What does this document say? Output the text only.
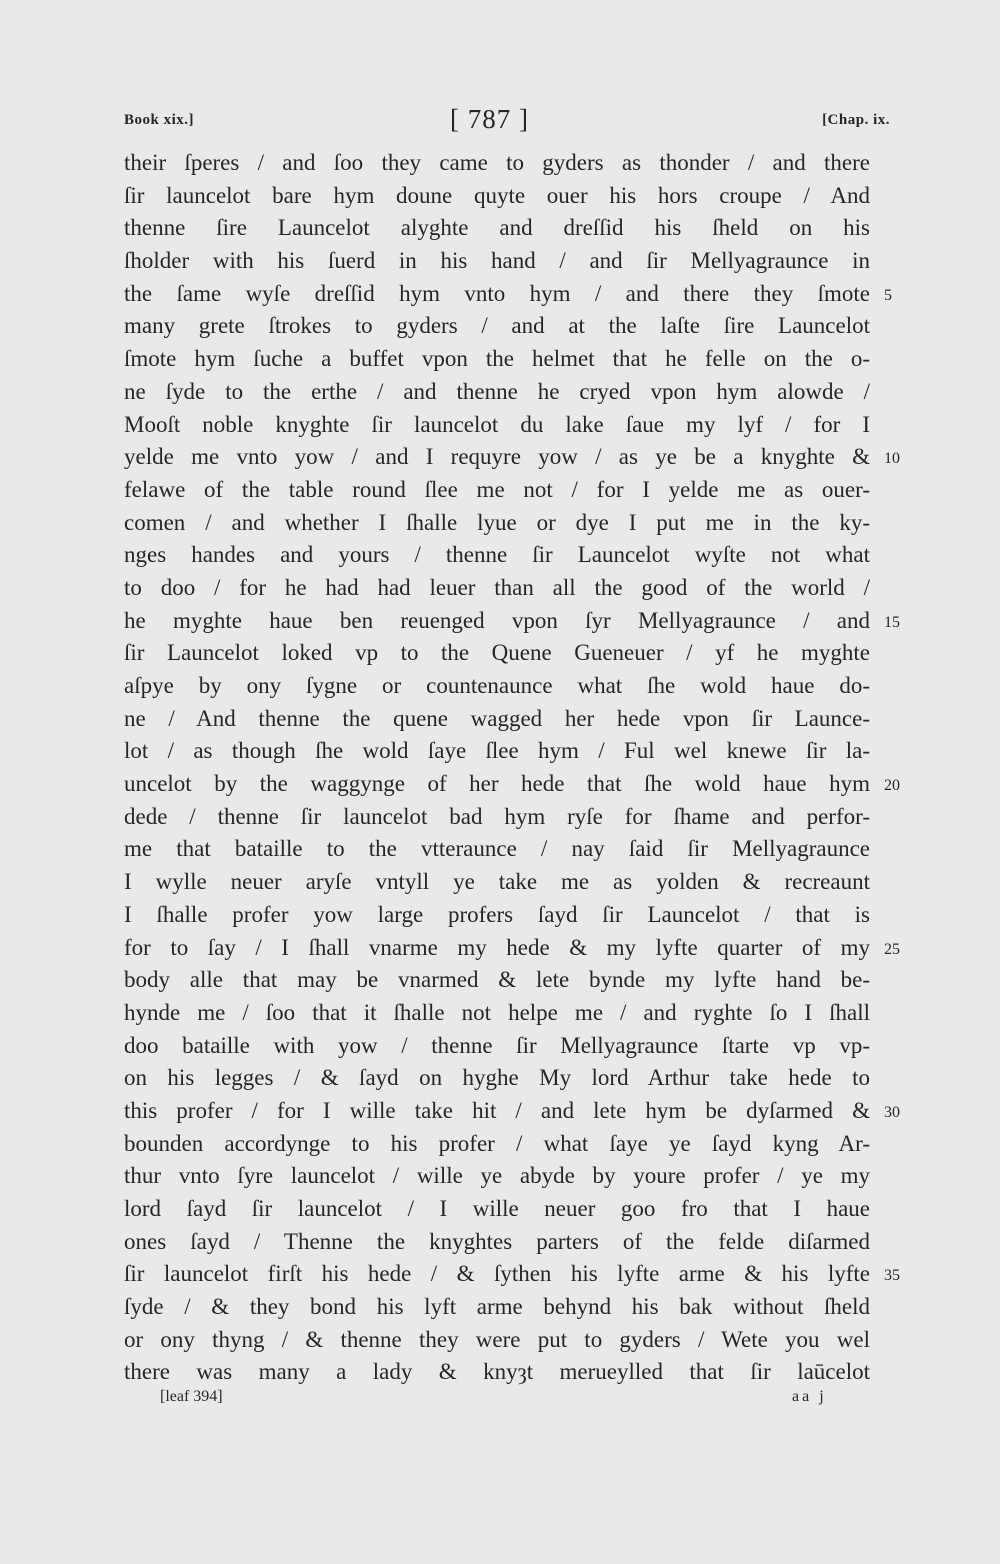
Book xix.]	[ 787 ]	[Chap. ix.
their ſperes / and ſoo they came to gyders as thonder / and there
ſir launcelot bare hym doune quyte ouer his hors croupe / And
thenne ſire Launcelot alyghte and dreſſid his ſheld on his
ſholder with his ſuerd in his hand / and ſir Mellyagraunce in
the ſame wyſe dreſſid hym vnto hym / and there they ſmote 5
many grete ſtrokes to gyders / and at the laſte ſire Launcelot
ſmote hym ſuche a buffet vpon the helmet that he felle on the o-
ne ſyde to the erthe / and thenne he cryed vpon hym alowde /
Mooſt noble knyghte ſir launcelot du lake ſaue my lyf / for I
yelde me vnto yow / and I requyre yow / as ye be a knyghte & 10
felawe of the table round ſlee me not / for I yelde me as ouer-
comen / and whether I ſhalle lyue or dye I put me in the ky-
nges handes and yours / thenne ſir Launcelot wyſte not what
to doo / for he had had leuer than all the good of the world /
he myghte haue ben reuenged vpon ſyr Mellyagraunce / and 15
ſir Launcelot loked vp to the Quene Gueneuer / yf he myghte
aſpye by ony ſygne or countenaunce what ſhe wold haue do-
ne / And thenne the quene wagged her hede vpon ſir Launce-
lot / as though ſhe wold ſaye ſlee hym / Ful wel knewe ſir la-
uncelot by the waggynge of her hede that ſhe wold haue hym 20
dede / thenne ſir launcelot bad hym ryſe for ſhame and perfor-
me that bataille to the vtteraunce / nay ſaid ſir Mellyagraunce
I wylle neuer aryſe vntyll ye take me as yolden & recreaunt
I ſhalle profer yow large profers ſayd ſir Launcelot / that is
for to ſay / I ſhall vnarme my hede & my lyfte quarter of my 25
body alle that may be vnarmed & lete bynde my lyfte hand be-
hynde me / ſoo that it ſhalle not helpe me / and ryghte ſo I ſhall
doo bataille with yow / thenne ſir Mellyagraunce ſtarte vp vp-
on his legges / & ſayd on hyghe My lord Arthur take hede to
this profer / for I wille take hit / and lete hym be dyſarmed & 30
bounden accordynge to his profer / what ſaye ye ſayd kyng Ar-
thur vnto ſyre launcelot / wille ye abyde by youre profer / ye my
lord ſayd ſir launcelot / I wille neuer goo fro that I haue
ones ſayd / Thenne the knyghtes parters of the felde diſarmed
ſir launcelot firſt his hede / & ſythen his lyfte arme & his lyfte 35
ſyde / & they bond his lyft arme behynd his bak without ſheld
or ony thyng / & thenne they were put to gyders / Wete you wel
there was many a lady & knyȝt merueylled that ſir laūcelot
[leaf 394]	aa j
